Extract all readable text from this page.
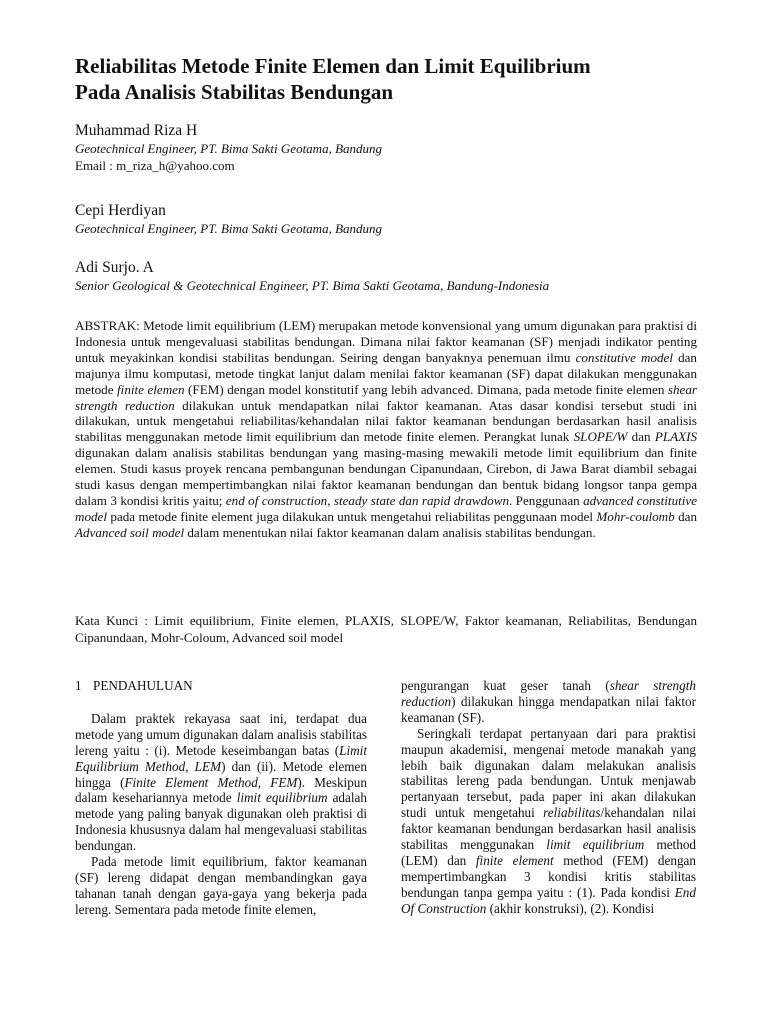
Reliabilitas Metode Finite Elemen dan Limit Equilibrium
Pada Analisis Stabilitas Bendungan
Muhammad Riza H
Geotechnical Engineer, PT. Bima Sakti Geotama, Bandung
Email : m_riza_h@yahoo.com
Cepi Herdiyan
Geotechnical Engineer, PT. Bima Sakti Geotama, Bandung
Adi Surjo. A
Senior Geological & Geotechnical Engineer, PT. Bima Sakti Geotama, Bandung-Indonesia
ABSTRAK: Metode limit equilibrium (LEM) merupakan metode konvensional yang umum digunakan para praktisi di Indonesia untuk mengevaluasi stabilitas bendungan. Dimana nilai faktor keamanan (SF) menjadi indikator penting untuk meyakinkan kondisi stabilitas bendungan. Seiring dengan banyaknya penemuan ilmu constitutive model dan majunya ilmu komputasi, metode tingkat lanjut dalam menilai faktor keamanan (SF) dapat dilakukan menggunakan metode finite elemen (FEM) dengan model konstitutif yang lebih advanced. Dimana, pada metode finite elemen shear strength reduction dilakukan untuk mendapatkan nilai faktor keamanan. Atas dasar kondisi tersebut studi ini dilakukan, untuk mengetahui reliabilitas/kehandalan nilai faktor keamanan bendungan berdasarkan hasil analisis stabilitas menggunakan metode limit equilibrium dan metode finite elemen. Perangkat lunak SLOPE/W dan PLAXIS digunakan dalam analisis stabilitas bendungan yang masing-masing mewakili metode limit equilibrium dan finite elemen. Studi kasus proyek rencana pembangunan bendungan Cipanundaan, Cirebon, di Jawa Barat diambil sebagai studi kasus dengan mempertimbangkan nilai faktor keamanan bendungan dan bentuk bidang longsor tanpa gempa dalam 3 kondisi kritis yaitu; end of construction, steady state dan rapid drawdown. Penggunaan advanced constitutive model pada metode finite element juga dilakukan untuk mengetahui reliabilitas penggunaan model Mohr-coulomb dan Advanced soil model dalam menentukan nilai faktor keamanan dalam analisis stabilitas bendungan.
Kata Kunci : Limit equilibrium, Finite elemen, PLAXIS, SLOPE/W, Faktor keamanan, Reliabilitas, Bendungan Cipanundaan, Mohr-Coloum, Advanced soil model
1 PENDAHULUAN

Dalam praktek rekayasa saat ini, terdapat dua metode yang umum digunakan dalam analisis stabilitas lereng yaitu : (i). Metode keseimbangan batas (Limit Equilibrium Method, LEM) dan (ii). Metode elemen hingga (Finite Element Method, FEM). Meskipun dalam kesehariannya metode limit equilibrium adalah metode yang paling banyak digunakan oleh praktisi di Indonesia khususnya dalam hal mengevaluasi stabilitas bendungan.

Pada metode limit equilibrium, faktor keamanan (SF) lereng didapat dengan membandingkan gaya tahanan tanah dengan gaya-gaya yang bekerja pada lereng. Sementara pada metode finite elemen,

pengurangan kuat geser tanah (shear strength reduction) dilakukan hingga mendapatkan nilai faktor keamanan (SF).

Seringkali terdapat pertanyaan dari para praktisi maupun akademisi, mengenai metode manakah yang lebih baik digunakan dalam melakukan analisis stabilitas lereng pada bendungan. Untuk menjawab pertanyaan tersebut, pada paper ini akan dilakukan studi untuk mengetahui reliabilitas/kehandalan nilai faktor keamanan bendungan berdasarkan hasil analisis stabilitas menggunakan limit equilibrium method (LEM) dan finite element method (FEM) dengan mempertimbangkan 3 kondisi kritis stabilitas bendungan tanpa gempa yaitu : (1). Pada kondisi End Of Construction (akhir konstruksi), (2). Kondisi
